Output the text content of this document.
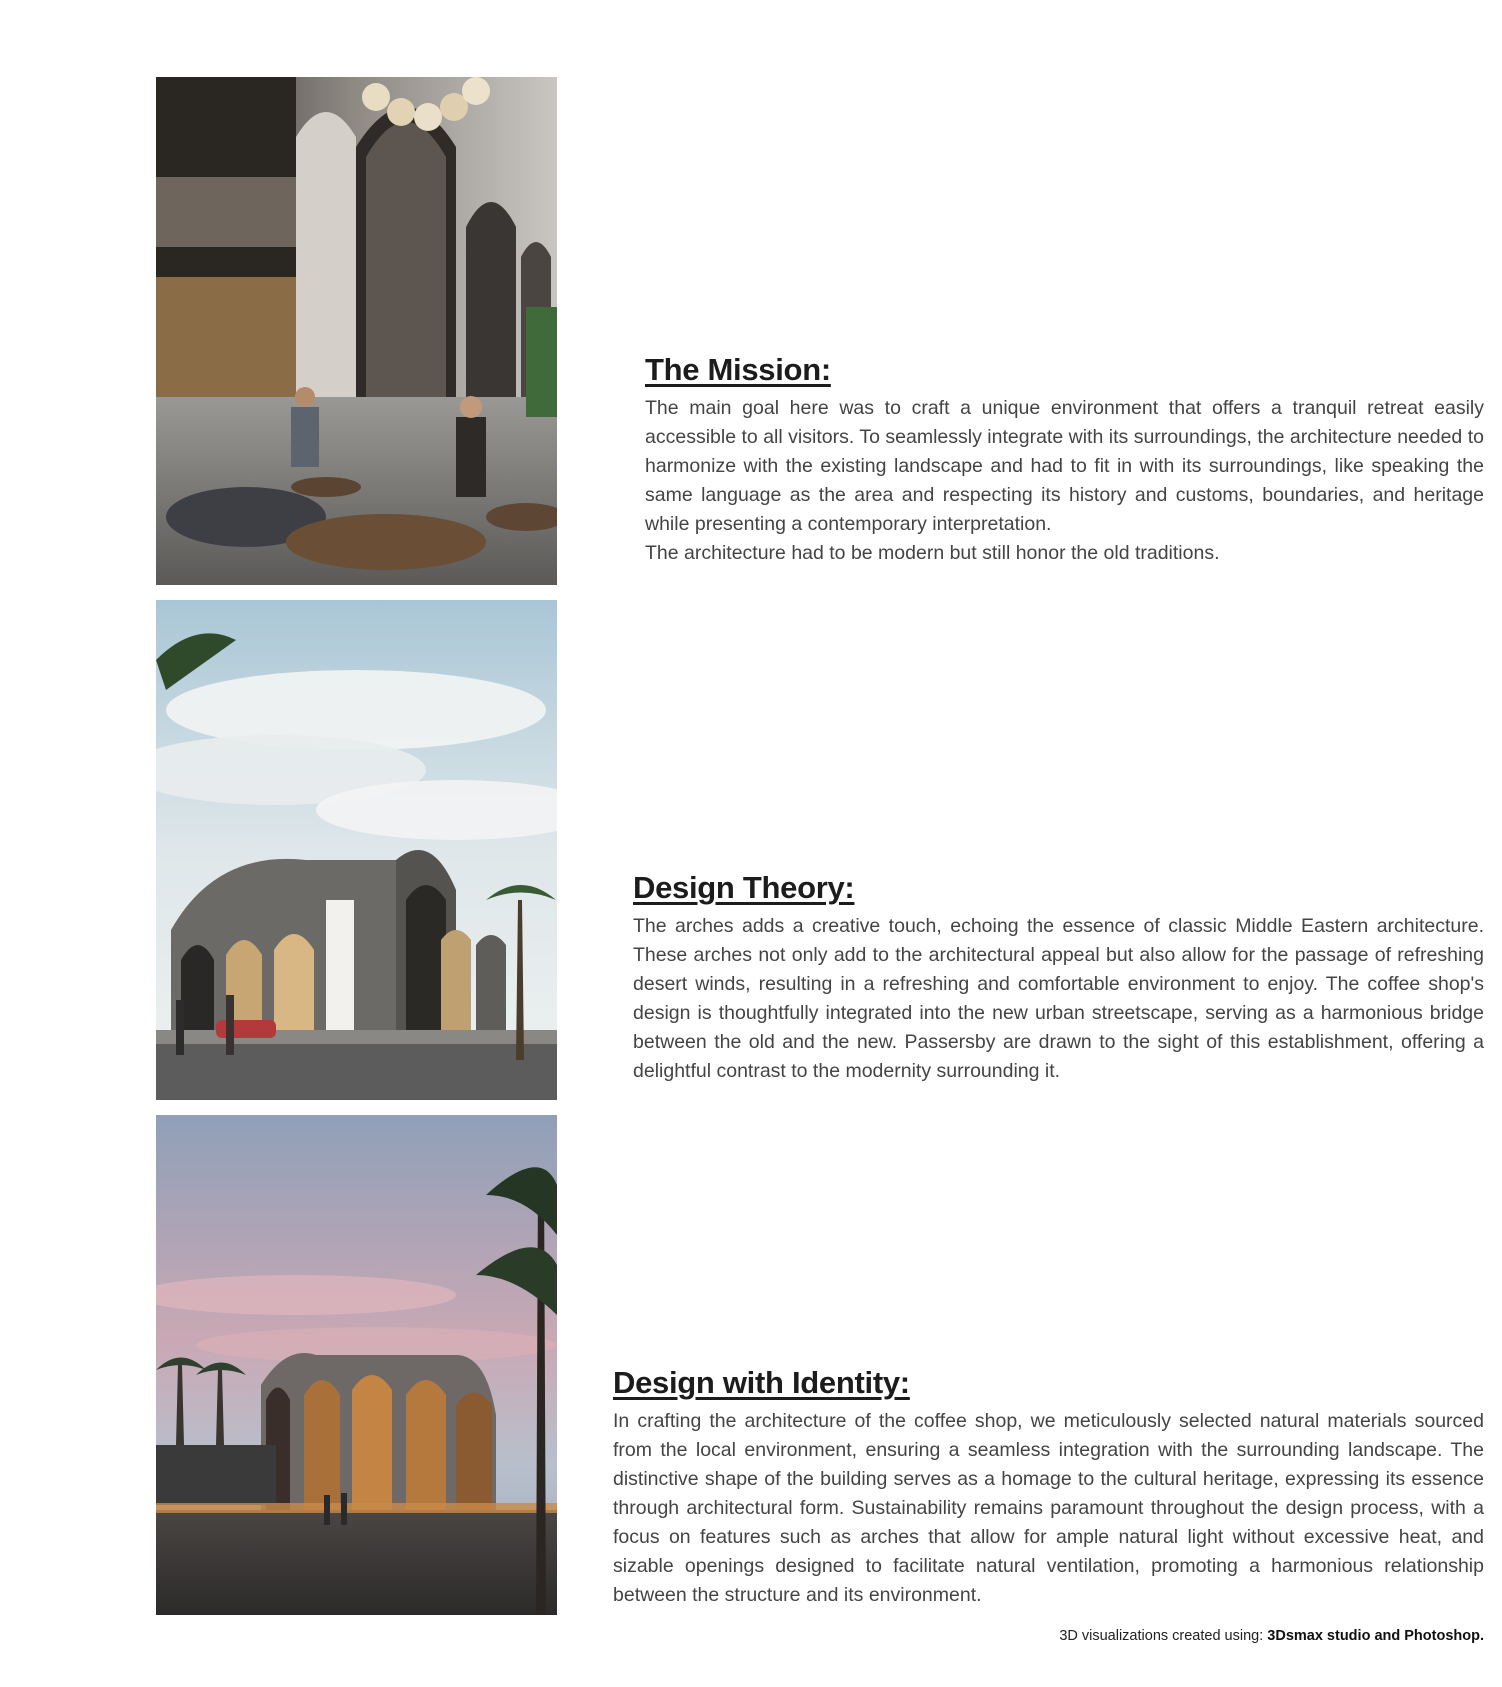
The Mission:

The main goal here was to craft a unique environment that offers a tranquil retreat easily accessible to all visitors. To seamlessly integrate with its surroundings, the architecture needed to harmonize with the existing landscape and had to fit in with its surroundings, like speaking the same language as the area and respecting its history and customs, boundaries, and heritage while presenting a contemporary interpretation.

The architecture had to be modern but still honor the old traditions.

Design Theory:

The arches adds a creative touch, echoing the essence of classic Middle Eastern architecture. These arches not only add to the architectural appeal but also allow for the passage of refreshing desert winds, resulting in a refreshing and comfortable environment to enjoy. The coffee shop's design is thoughtfully integrated into the new urban streetscape, serving as a harmonious bridge between the old and the new. Passersby are drawn to the sight of this establishment, offering a delightful contrast to the modernity surrounding it.

Design with Identity:

In crafting the architecture of the coffee shop, we meticulously selected natural materials sourced from the local environment, ensuring a seamless integration with the surrounding landscape. The distinctive shape of the building serves as a homage to the cultural heritage, expressing its essence through architectural form. Sustainability remains paramount throughout the design process, with a focus on features such as arches that allow for ample natural light without excessive heat, and sizable openings designed to facilitate natural ventilation, promoting a harmonious relationship between the structure and its environment.

3D visualizations created using: 3Dsmax studio and Photoshop.
